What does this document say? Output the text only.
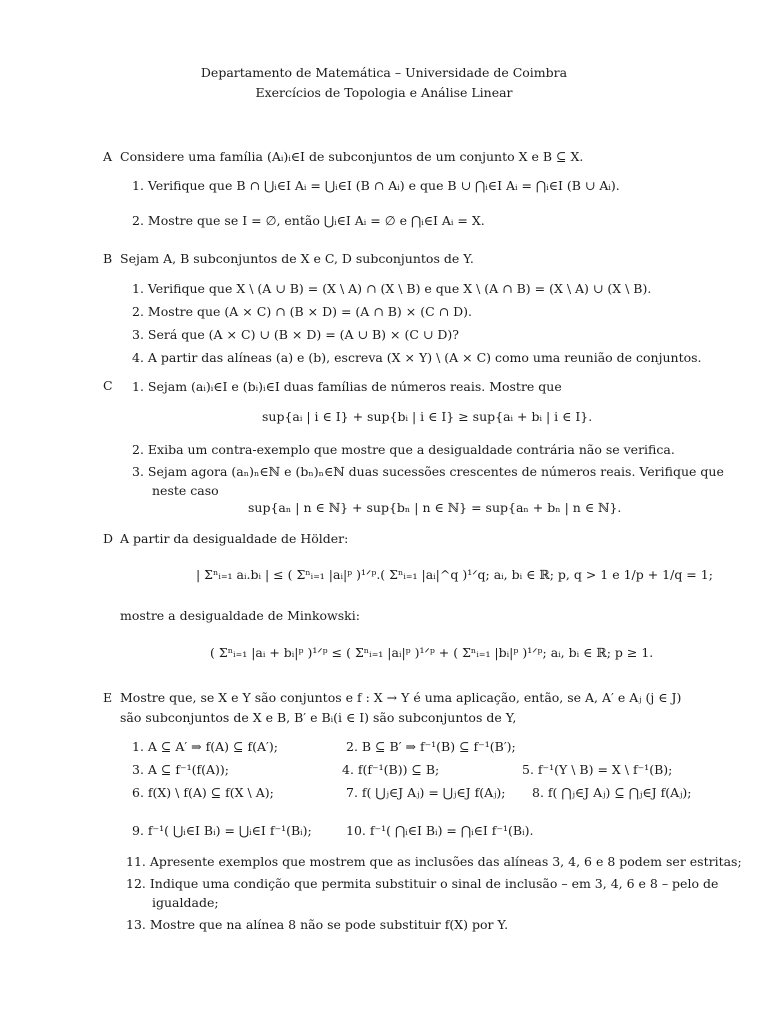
Departamento de Matemática – Universidade de Coimbra
Exercícios de Topologia e Análise Linear
A Considere uma família (Aᵢ)ᵢ∈I de subconjuntos de um conjunto X e B ⊆ X.
1. Verifique que B ∩ ⋃ᵢ∈I Aᵢ = ⋃ᵢ∈I (B ∩ Aᵢ) e que B ∪ ⋂ᵢ∈I Aᵢ = ⋂ᵢ∈I (B ∪ Aᵢ).
2. Mostre que se I = ∅, então ⋃ᵢ∈I Aᵢ = ∅ e ⋂ᵢ∈I Aᵢ = X.
B Sejam A, B subconjuntos de X e C, D subconjuntos de Y.
1. Verifique que X \ (A ∪ B) = (X \ A) ∩ (X \ B) e que X \ (A ∩ B) = (X \ A) ∪ (X \ B).
2. Mostre que (A × C) ∩ (B × D) = (A ∩ B) × (C ∩ D).
3. Será que (A × C) ∪ (B × D) = (A ∪ B) × (C ∪ D)?
4. A partir das alíneas (a) e (b), escreva (X × Y) \ (A × C) como uma reunião de conjuntos.
C 1. Sejam (aᵢ)ᵢ∈I e (bᵢ)ᵢ∈I duas famílias de números reais. Mostre que
sup{aᵢ | i ∈ I} + sup{bᵢ | i ∈ I} ≥ sup{aᵢ + bᵢ | i ∈ I}.
2. Exiba um contra-exemplo que mostre que a desigualdade contrária não se verifica.
3. Sejam agora (aₙ)ₙ∈ℕ e (bₙ)ₙ∈ℕ duas sucessões crescentes de números reais. Verifique que
neste caso
sup{aₙ | n ∈ ℕ} + sup{bₙ | n ∈ ℕ} = sup{aₙ + bₙ | n ∈ ℕ}.
D A partir da desigualdade de Hölder:
| Σⁿᵢ₌₁ aᵢ.bᵢ | ≤ ( Σⁿᵢ₌₁ |aᵢ|ᵖ )¹ᐟᵖ.( Σⁿᵢ₌₁ |aᵢ|^q )¹ᐟq; aᵢ, bᵢ ∈ ℝ; p, q > 1 e 1/p + 1/q = 1;
mostre a desigualdade de Minkowski:
( Σⁿᵢ₌₁ |aᵢ + bᵢ|ᵖ )¹ᐟᵖ ≤ ( Σⁿᵢ₌₁ |aᵢ|ᵖ )¹ᐟᵖ + ( Σⁿᵢ₌₁ |bᵢ|ᵖ )¹ᐟᵖ; aᵢ, bᵢ ∈ ℝ; p ≥ 1.
E Mostre que, se X e Y são conjuntos e f : X → Y é uma aplicação, então, se A, A′ e Aⱼ (j ∈ J)
são subconjuntos de X e B, B′ e Bᵢ(i ∈ I) são subconjuntos de Y,
1. A ⊆ A′ ⇒ f(A) ⊆ f(A′);	2. B ⊆ B′ ⇒ f⁻¹(B) ⊆ f⁻¹(B′);
3. A ⊆ f⁻¹(f(A));	4. f(f⁻¹(B)) ⊆ B;	5. f⁻¹(Y \ B) = X \ f⁻¹(B);
6. f(X) \ f(A) ⊆ f(X \ A);	7. f( ⋃ⱼ∈J Aⱼ) = ⋃ⱼ∈J f(Aⱼ); 8. f( ⋂ⱼ∈J Aⱼ) ⊆ ⋂ⱼ∈J f(Aⱼ);
9. f⁻¹( ⋃ᵢ∈I Bᵢ) = ⋃ᵢ∈I f⁻¹(Bᵢ);	10. f⁻¹( ⋂ᵢ∈I Bᵢ) = ⋂ᵢ∈I f⁻¹(Bᵢ).
11. Apresente exemplos que mostrem que as inclusões das alíneas 3, 4, 6 e 8 podem ser estritas;
12. Indique uma condição que permita substituir o sinal de inclusão – em 3, 4, 6 e 8 – pelo de
igualdade;
13. Mostre que na alínea 8 não se pode substituir f(X) por Y.
